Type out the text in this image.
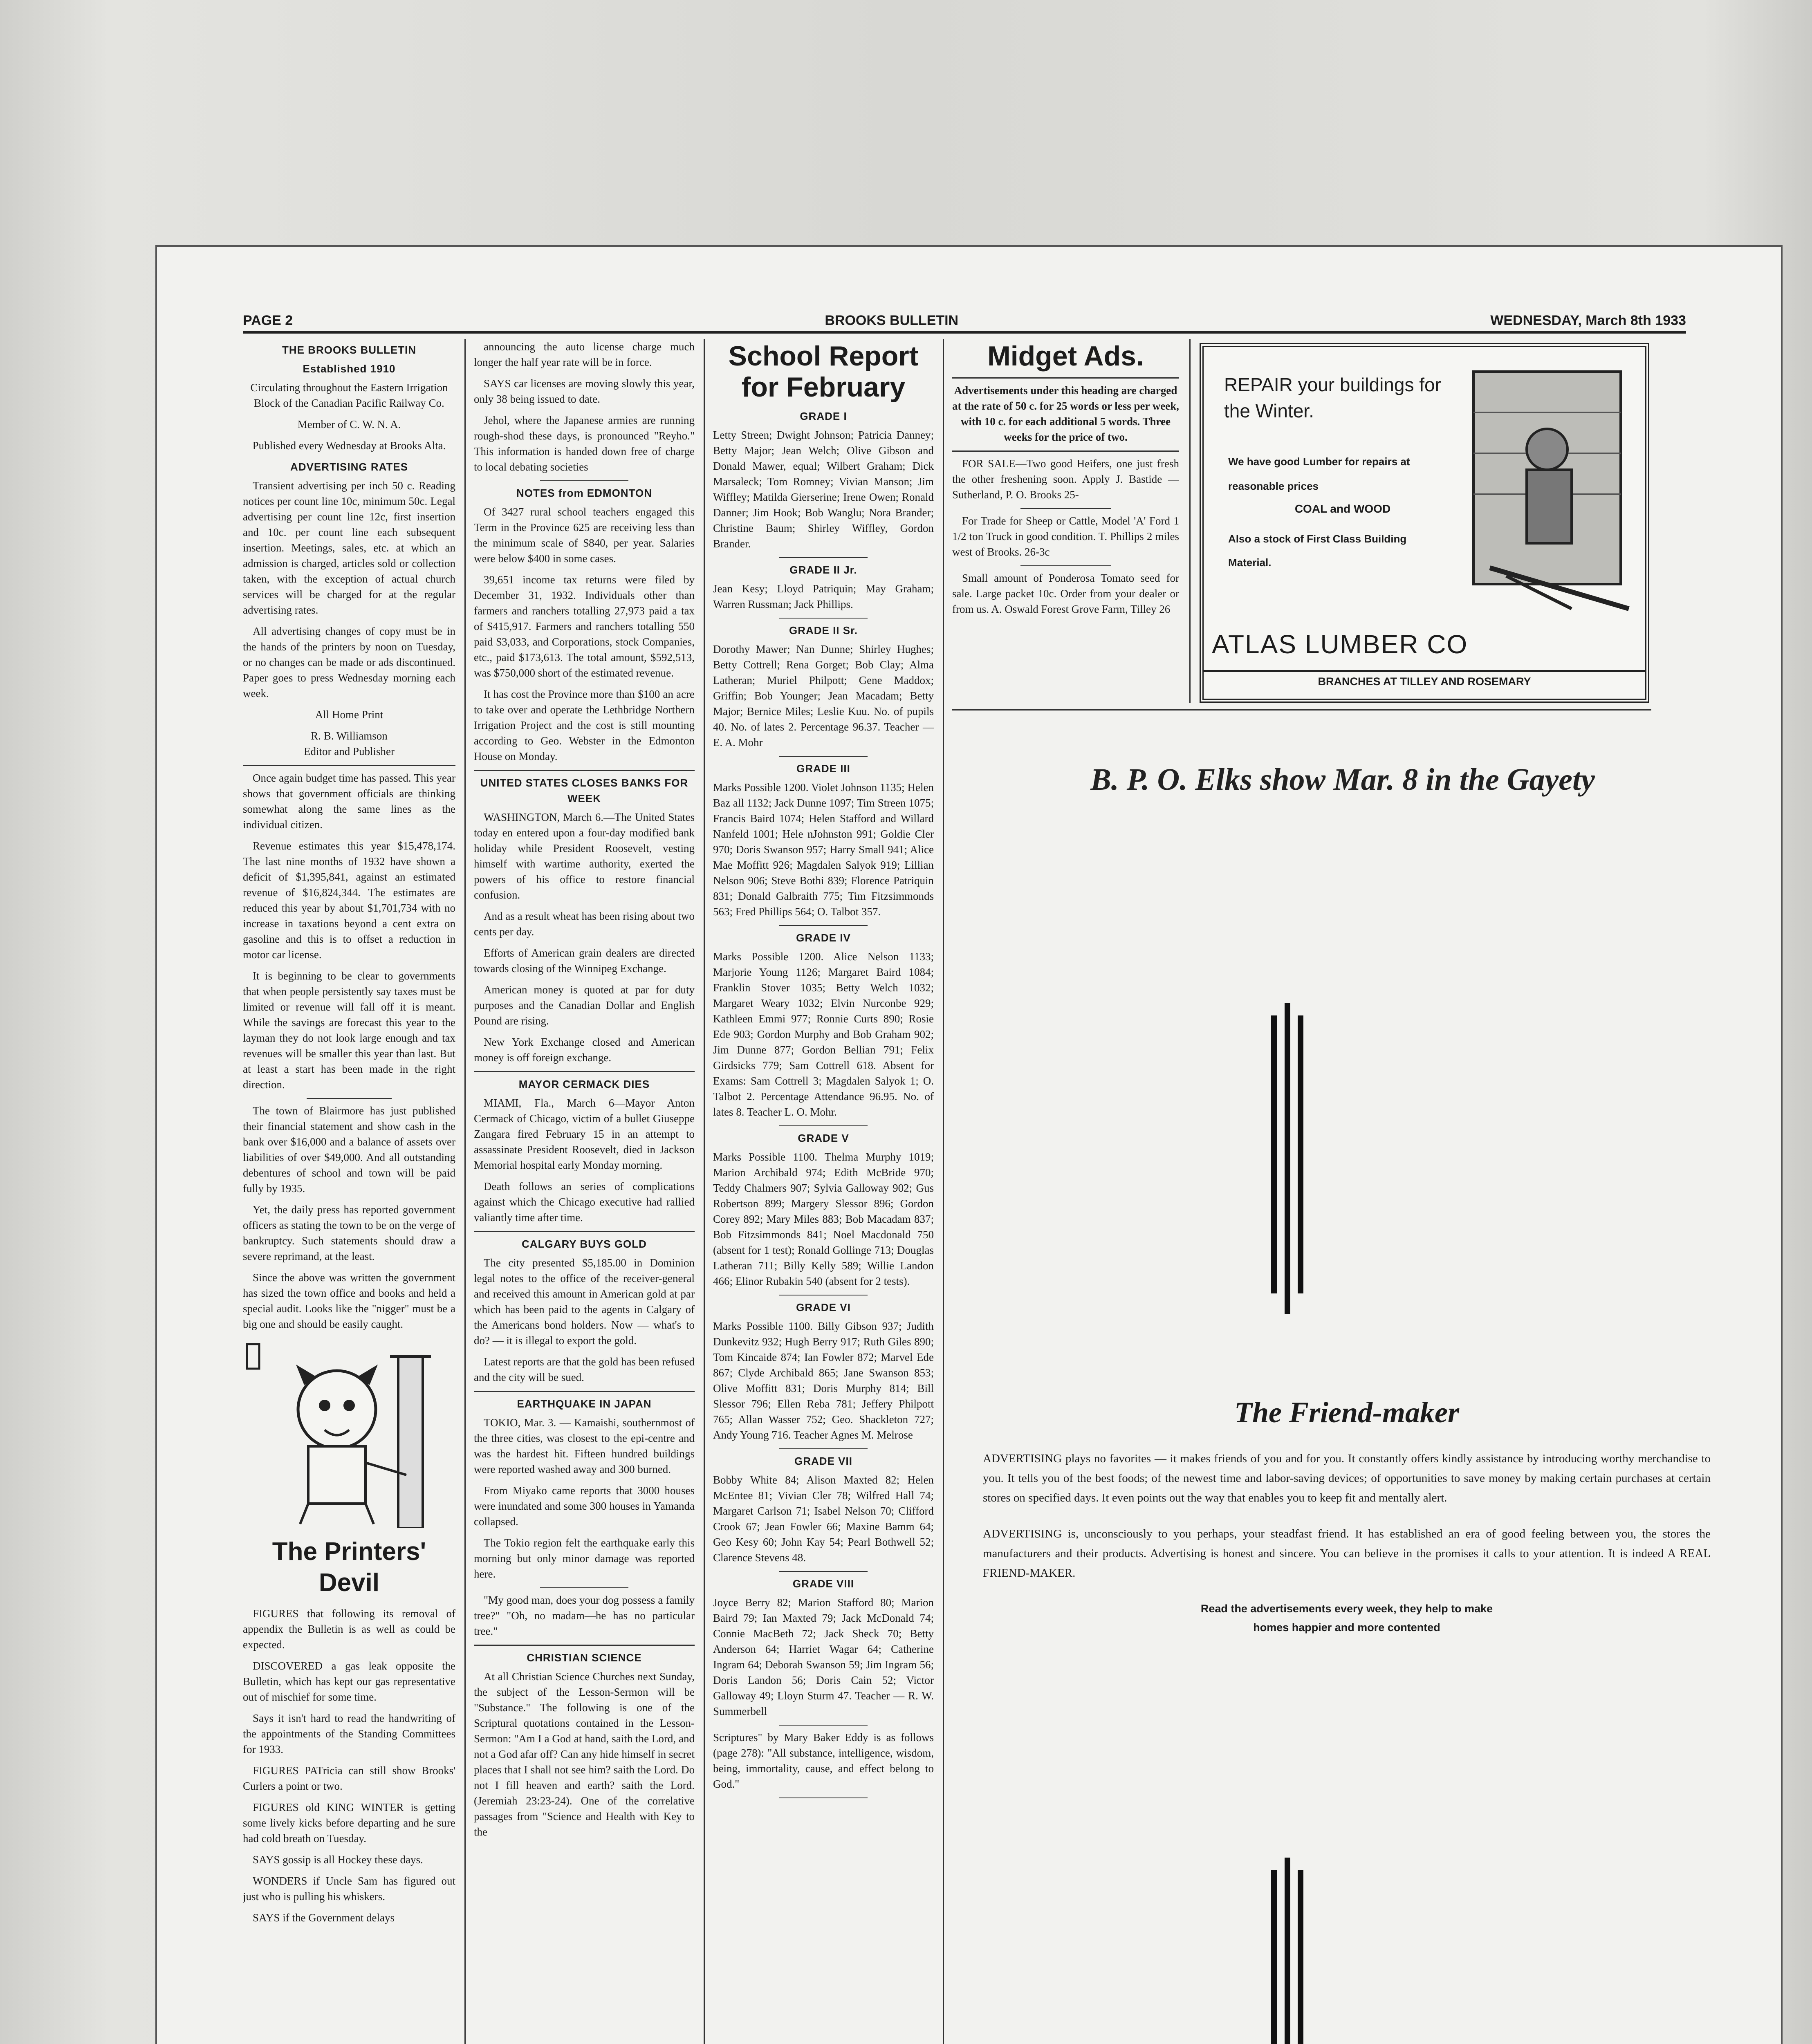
PAGE 2	BROOKS BULLETIN	WEDNESDAY, March 8th 1933
THE BROOKS BULLETIN
Established 1910

Circulating throughout the Eastern Irrigation Block of the Canadian Pacific Railway Co.

Member of C. W. N. A.

Published every Wednesday at Brooks Alta.

ADVERTISING RATES

Transient advertising per inch 50 c. Reading notices per count line 10c, minimum 50c. Legal advertising per count line 12c, first insertion and 10c. per count line each subsequent insertion. Meetings, sales, etc. at which an admission is charged, articles sold or collection taken, with the exception of actual church services will be charged for at the regular advertising rates.

All advertising changes of copy must be in the hands of the printers by noon on Tuesday, or no changes can be made or ads discontinued. Paper goes to press Wednesday morning each week.

All Home Print

R. B. Williamson

Editor and Publisher

Once again budget time has passed. This year shows that government officials are thinking somewhat along the same lines as the individual citizen.

Revenue estimates this year $15,478,174. The last nine months of 1932 have shown a deficit of $1,395,841, against an estimated revenue of $16,824,344. The estimates are reduced this year by about $1,701,734 with no increase in taxations beyond a cent extra on gasoline and this is to offset a reduction in motor car license.

It is beginning to be clear to governments that when people persistently say taxes must be limited or revenue will fall off it is meant. While the savings are forecast this year to the layman they do not look large enough and tax revenues will be smaller this year than last. But at least a start has been made in the right direction.

The town of Blairmore has just published their financial statement and show cash in the bank over $16,000 and a balance of assets over liabilities of over $49,000. And all outstanding debentures of school and town will be paid fully by 1935.

Yet, the daily press has reported government officers as stating the town to be on the verge of bankruptcy. Such statements should draw a severe reprimand, at the least.

Since the above was written the government has sized the town office and books and held a special audit. Looks like the "nigger" must be a big one and should be easily caught.

The Printers' Devil

FIGURES that following its removal of appendix the Bulletin is as well as could be expected.

DISCOVERED a gas leak opposite the Bulletin, which has kept our gas representative out of mischief for some time.

Says it isn't hard to read the handwriting of the appointments of the Standing Committees for 1933.

FIGURES PATricia can still show Brooks' Curlers a point or two.

FIGURES old KING WINTER is getting some lively kicks before departing and he sure had cold breath on Tuesday.

SAYS gossip is all Hockey these days.

WONDERS if Uncle Sam has figured out just who is pulling his whiskers.

SAYS if the Government delays

announcing the auto license charge much longer the half year rate will be in force.

SAYS car licenses are moving slowly this year, only 38 being issued to date.

Jehol, where the Japanese armies are running rough-shod these days, is pronounced "Reyho." This information is handed down free of charge to local debating societies

NOTES from EDMONTON

Of 3427 rural school teachers engaged this Term in the Province 625 are receiving less than the minimum scale of $840, per year. Salaries were below $400 in some cases.

39,651 income tax returns were filed by December 31, 1932. Individuals other than farmers and ranchers totalling 27,973 paid a tax of $415,917. Farmers and ranchers totalling 550 paid $3,033, and Corporations, stock Companies, etc., paid $173,613. The total amount, $592,513, was $750,000 short of the estimated revenue.

It has cost the Province more than $100 an acre to take over and operate the Lethbridge Northern Irrigation Project and the cost is still mounting according to Geo. Webster in the Edmonton House on Monday.

UNITED STATES CLOSES BANKS FOR WEEK

WASHINGTON, March 6.—The United States today en entered upon a four-day modified bank holiday while President Roosevelt, vesting himself with wartime authority, exerted the powers of his office to restore financial confusion.

And as a result wheat has been rising about two cents per day.

Efforts of American grain dealers are directed towards closing of the Winnipeg Exchange.

American money is quoted at par for duty purposes and the Canadian Dollar and English Pound are rising.

New York Exchange closed and American money is off foreign exchange.

MAYOR CERMACK DIES

MIAMI, Fla., March 6—Mayor Anton Cermack of Chicago, victim of a bullet Giuseppe Zangara fired February 15 in an attempt to assassinate President Roosevelt, died in Jackson Memorial hospital early Monday morning.

Death follows an series of complications against which the Chicago executive had rallied valiantly time after time.

CALGARY BUYS GOLD

The city presented $5,185.00 in Dominion legal notes to the office of the receiver-general and received this amount in American gold at par which has been paid to the agents in Calgary of the Americans bond holders. Now — what's to do? — it is illegal to export the gold.

Latest reports are that the gold has been refused and the city will be sued.

EARTHQUAKE IN JAPAN

TOKIO, Mar. 3. — Kamaishi, southernmost of the three cities, was closest to the epi-centre and was the hardest hit. Fifteen hundred buildings were reported washed away and 300 burned.

From Miyako came reports that 3000 houses were inundated and some 300 houses in Yamanda collapsed.

The Tokio region felt the earthquake early this morning but only minor damage was reported here.

"My good man, does your dog possess a family tree?" "Oh, no madam—he has no particular tree."

CHRISTIAN SCIENCE

At all Christian Science Churches next Sunday, the subject of the Lesson-Sermon will be "Substance." The following is one of the Scriptural quotations contained in the Lesson-Sermon: "Am I a God at hand, saith the Lord, and not a God afar off? Can any hide himself in secret places that I shall not see him? saith the Lord. Do not I fill heaven and earth? saith the Lord. (Jeremiah 23:23-24). One of the correlative passages from "Science and Health with Key to the

School Report for February
GRADE I

Letty Streen; Dwight Johnson; Patricia Danney; Betty Major; Jean Welch; Olive Gibson and Donald Mawer, equal; Wilbert Graham; Dick Marsaleck; Tom Romney; Vivian Manson; Jim Wiffley; Matilda Gierserine; Irene Owen; Ronald Danner; Jim Hook; Bob Wanglu; Nora Brander; Christine Baum; Shirley Wiffley, Gordon Brander.

GRADE II Jr.

Jean Kesy; Lloyd Patriquin; May Graham; Warren Russman; Jack Phillips.

GRADE II Sr.

Dorothy Mawer; Nan Dunne; Shirley Hughes; Betty Cottrell; Rena Gorget; Bob Clay; Alma Latheran; Muriel Philpott; Gene Maddox; Griffin; Bob Younger; Jean Macadam; Betty Major; Bernice Miles; Leslie Kuu. No. of pupils 40. No. of lates 2. Percentage 96.37. Teacher — E. A. Mohr

GRADE III

Marks Possible 1200. Violet Johnson 1135; Helen Baz all 1132; Jack Dunne 1097; Tim Streen 1075; Francis Baird 1074; Helen Stafford and Willard Nanfeld 1001; Hele nJohnston 991; Goldie Cler 970; Doris Swanson 957; Harry Small 941; Alice Mae Moffitt 926; Magdalen Salyok 919; Lillian Nelson 906; Steve Bothi 839; Florence Patriquin 831; Donald Galbraith 775; Tim Fitzsimmonds 563; Fred Phillips 564; O. Talbot 357.

GRADE IV

Marks Possible 1200. Alice Nelson 1133; Marjorie Young 1126; Margaret Baird 1084; Franklin Stover 1035; Betty Welch 1032; Margaret Weary 1032; Elvin Nurconbe 929; Kathleen Emmi 977; Ronnie Curts 890; Rosie Ede 903; Gordon Murphy and Bob Graham 902; Jim Dunne 877; Gordon Bellian 791; Felix Girdsicks 779; Sam Cottrell 618. Absent for Exams: Sam Cottrell 3; Magdalen Salyok 1; O. Talbot 2. Percentage Attendance 96.95. No. of lates 8. Teacher L. O. Mohr.

GRADE V

Marks Possible 1100. Thelma Murphy 1019; Marion Archibald 974; Edith McBride 970; Teddy Chalmers 907; Sylvia Galloway 902; Gus Robertson 899; Margery Slessor 896; Gordon Corey 892; Mary Miles 883; Bob Macadam 837; Bob Fitzsimmonds 841; Noel Macdonald 750 (absent for 1 test); Ronald Gollinge 713; Douglas Latheran 711; Billy Kelly 589; Willie Landon 466; Elinor Rubakin 540 (absent for 2 tests).

GRADE VI

Marks Possible 1100. Billy Gibson 937; Judith Dunkevitz 932; Hugh Berry 917; Ruth Giles 890; Tom Kincaide 874; Ian Fowler 872; Marvel Ede 867; Clyde Archibald 865; Jane Swanson 853; Olive Moffitt 831; Doris Murphy 814; Bill Slessor 796; Ellen Reba 781; Jeffery Philpott 765; Allan Wasser 752; Geo. Shackleton 727; Andy Young 716. Teacher Agnes M. Melrose

GRADE VII

Bobby White 84; Alison Maxted 82; Helen McEntee 81; Vivian Cler 78; Wilfred Hall 74; Margaret Carlson 71; Isabel Nelson 70; Clifford Crook 67; Jean Fowler 66; Maxine Bamm 64; Geo Kesy 60; John Kay 54; Pearl Bothwell 52; Clarence Stevens 48.

GRADE VIII

Joyce Berry 82; Marion Stafford 80; Marion Baird 79; Ian Maxted 79; Jack McDonald 74; Connie MacBeth 72; Jack Sheck 70; Betty Anderson 64; Harriet Wagar 64; Catherine Ingram 64; Deborah Swanson 59; Jim Ingram 56; Doris Landon 56; Doris Cain 52; Victor Galloway 49; Lloyn Sturm 47. Teacher — R. W. Summerbell

Scriptures" by Mary Baker Eddy is as follows (page 278): "All substance, intelligence, wisdom, being, immortality, cause, and effect belong to God."

Midget Ads.

Advertisements under this heading are charged at the rate of 50 c. for 25 words or less per week, with 10 c. for each additional 5 words. Three weeks for the price of two.

FOR SALE—Two good Heifers, one just fresh the other freshening soon. Apply J. Bastide — Sutherland, P. O. Brooks 25-

For Trade for Sheep or Cattle, Model 'A' Ford 1 1/2 ton Truck in good condition. T. Phillips 2 miles west of Brooks. 26-3c

Small amount of Ponderosa Tomato seed for sale. Large packet 10c. Order from your dealer or from us. A. Oswald Forest Grove Farm, Tilley 26

REPAIR your buildings for the Winter.
We have good Lumber for repairs at reasonable prices
COAL and WOOD
Also a stock of First Class Building Material.
ATLAS LUMBER CO
BRANCHES AT TILLEY AND ROSEMARY
B. P. O. Elks show Mar. 8 in the Gayety
The Friend-maker

ADVERTISING plays no favorites — it makes friends of you and for you. It constantly offers kindly assistance by introducing worthy merchandise to you. It tells you of the best foods; of the newest time and labor-saving devices; of opportunities to save money by making certain purchases at certain stores on specified days. It even points out the way that enables you to keep fit and mentally alert.

ADVERTISING is, unconsciously to you perhaps, your steadfast friend. It has established an era of good feeling between you, the stores the manufacturers and their products. Advertising is honest and sincere. You can believe in the promises it calls to your attention. It is indeed A REAL FRIEND-MAKER.

Read the advertisements every week, they help to make
homes happier and more contented
